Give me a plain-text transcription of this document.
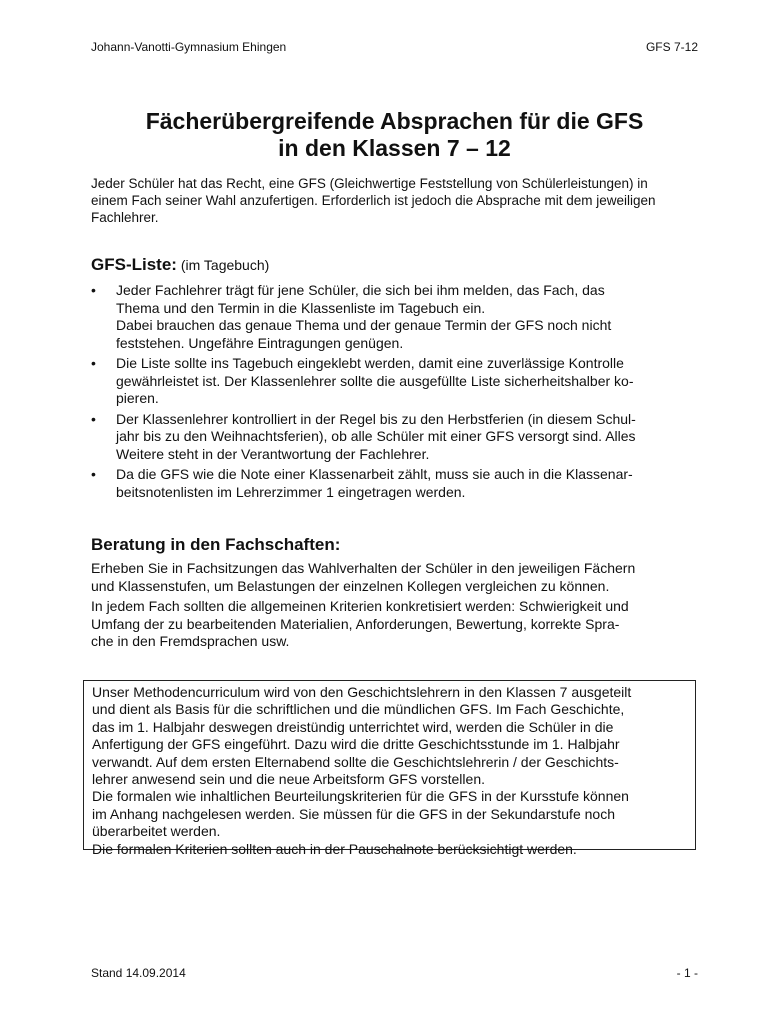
Johann-Vanotti-Gymnasium Ehingen	GFS 7-12
Fächerübergreifende Absprachen für die GFS
in den Klassen 7 – 12
Jeder Schüler hat das Recht, eine GFS (Gleichwertige Feststellung von Schülerleistungen) in
einem Fach seiner Wahl anzufertigen. Erforderlich ist jedoch die Absprache mit dem jeweiligen
Fachlehrer.
GFS-Liste: (im Tagebuch)
• Jeder Fachlehrer trägt für jene Schüler, die sich bei ihm melden, das Fach, das
Thema und den Termin in die Klassenliste im Tagebuch ein.
Dabei brauchen das genaue Thema und der genaue Termin der GFS noch nicht
feststehen. Ungefähre Eintragungen genügen.
• Die Liste sollte ins Tagebuch eingeklebt werden, damit eine zuverlässige Kontrolle
gewährleistet ist. Der Klassenlehrer sollte die ausgefüllte Liste sicherheitshalber ko-
pieren.
• Der Klassenlehrer kontrolliert in der Regel bis zu den Herbstferien (in diesem Schul-
jahr bis zu den Weihnachtsferien), ob alle Schüler mit einer GFS versorgt sind. Alles
Weitere steht in der Verantwortung der Fachlehrer.
• Da die GFS wie die Note einer Klassenarbeit zählt, muss sie auch in die Klassenar-
beitsnotenlisten im Lehrerzimmer 1 eingetragen werden.
Beratung in den Fachschaften:
Erheben Sie in Fachsitzungen das Wahlverhalten der Schüler in den jeweiligen Fächern
und Klassenstufen, um Belastungen der einzelnen Kollegen vergleichen zu können.
In jedem Fach sollten die allgemeinen Kriterien konkretisiert werden: Schwierigkeit und
Umfang der zu bearbeitenden Materialien, Anforderungen, Bewertung, korrekte Spra-
che in den Fremdsprachen usw.
Unser Methodencurriculum wird von den Geschichtslehrern in den Klassen 7 ausgeteilt
und dient als Basis für die schriftlichen und die mündlichen GFS. Im Fach Geschichte,
das im 1. Halbjahr deswegen dreistündig unterrichtet wird, werden die Schüler in die
Anfertigung der GFS eingeführt. Dazu wird die dritte Geschichtsstunde im 1. Halbjahr
verwandt. Auf dem ersten Elternabend sollte die Geschichtslehrerin / der Geschichts-
lehrer anwesend sein und die neue Arbeitsform GFS vorstellen.
Die formalen wie inhaltlichen Beurteilungskriterien für die GFS in der Kursstufe können
im Anhang nachgelesen werden. Sie müssen für die GFS in der Sekundarstufe noch
überarbeitet werden.
Die formalen Kriterien sollten auch in der Pauschalnote berücksichtigt werden.
Stand 14.09.2014	- 1 -
